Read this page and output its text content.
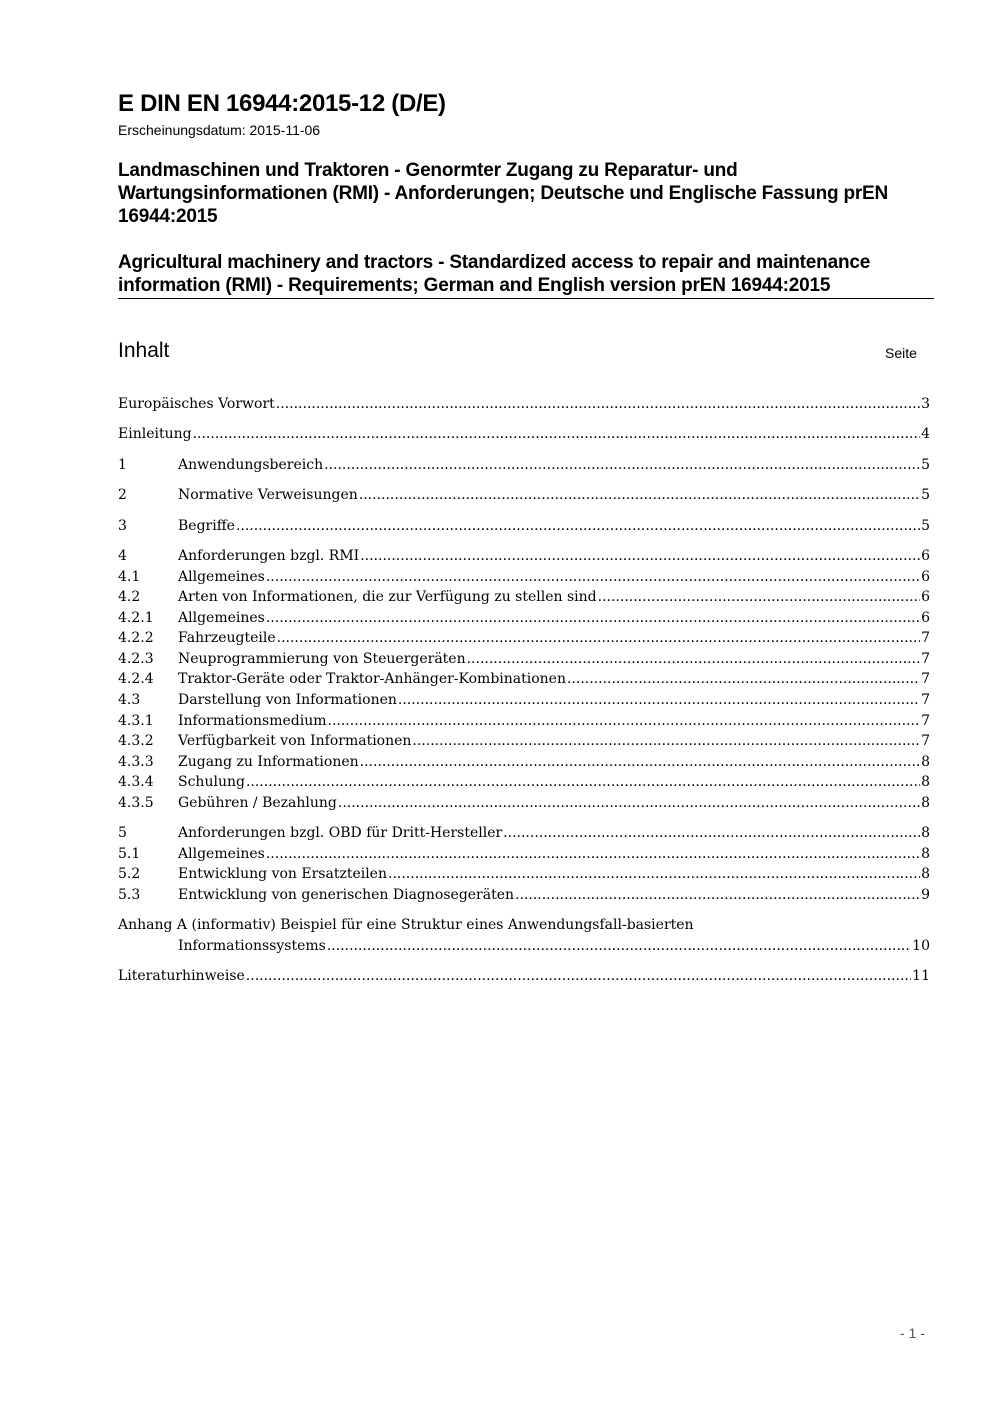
E DIN EN 16944:2015-12 (D/E)
Erscheinungsdatum: 2015-11-06
Landmaschinen und Traktoren - Genormter Zugang zu Reparatur- und Wartungsinformationen (RMI) - Anforderungen; Deutsche und Englische Fassung prEN 16944:2015
Agricultural machinery and tractors - Standardized access to repair and maintenance information (RMI) - Requirements; German and English version prEN 16944:2015
Inhalt	Seite
Europäisches Vorwort .....	3
Einleitung .....	4
1	Anwendungsbereich .....	5
2	Normative Verweisungen .....	5
3	Begriffe .....	5
4	Anforderungen bzgl. RMI .....	6
4.1	Allgemeines .....	6
4.2	Arten von Informationen, die zur Verfügung zu stellen sind .....	6
4.2.1	Allgemeines .....	6
4.2.2	Fahrzeugteile .....	7
4.2.3	Neuprogrammierung von Steuergeräten .....	7
4.2.4	Traktor-Geräte oder Traktor-Anhänger-Kombinationen .....	7
4.3	Darstellung von Informationen .....	7
4.3.1	Informationsmedium .....	7
4.3.2	Verfügbarkeit von Informationen .....	7
4.3.3	Zugang zu Informationen .....	8
4.3.4	Schulung .....	8
4.3.5	Gebühren / Bezahlung .....	8
5	Anforderungen bzgl. OBD für Dritt-Hersteller .....	8
5.1	Allgemeines .....	8
5.2	Entwicklung von Ersatzteilen .....	8
5.3	Entwicklung von generischen Diagnosegeräten .....	9
Anhang A (informativ) Beispiel für eine Struktur eines Anwendungsfall-basierten
Informationssystems .....	10
Literaturhinweise .....	11
- 1 -
